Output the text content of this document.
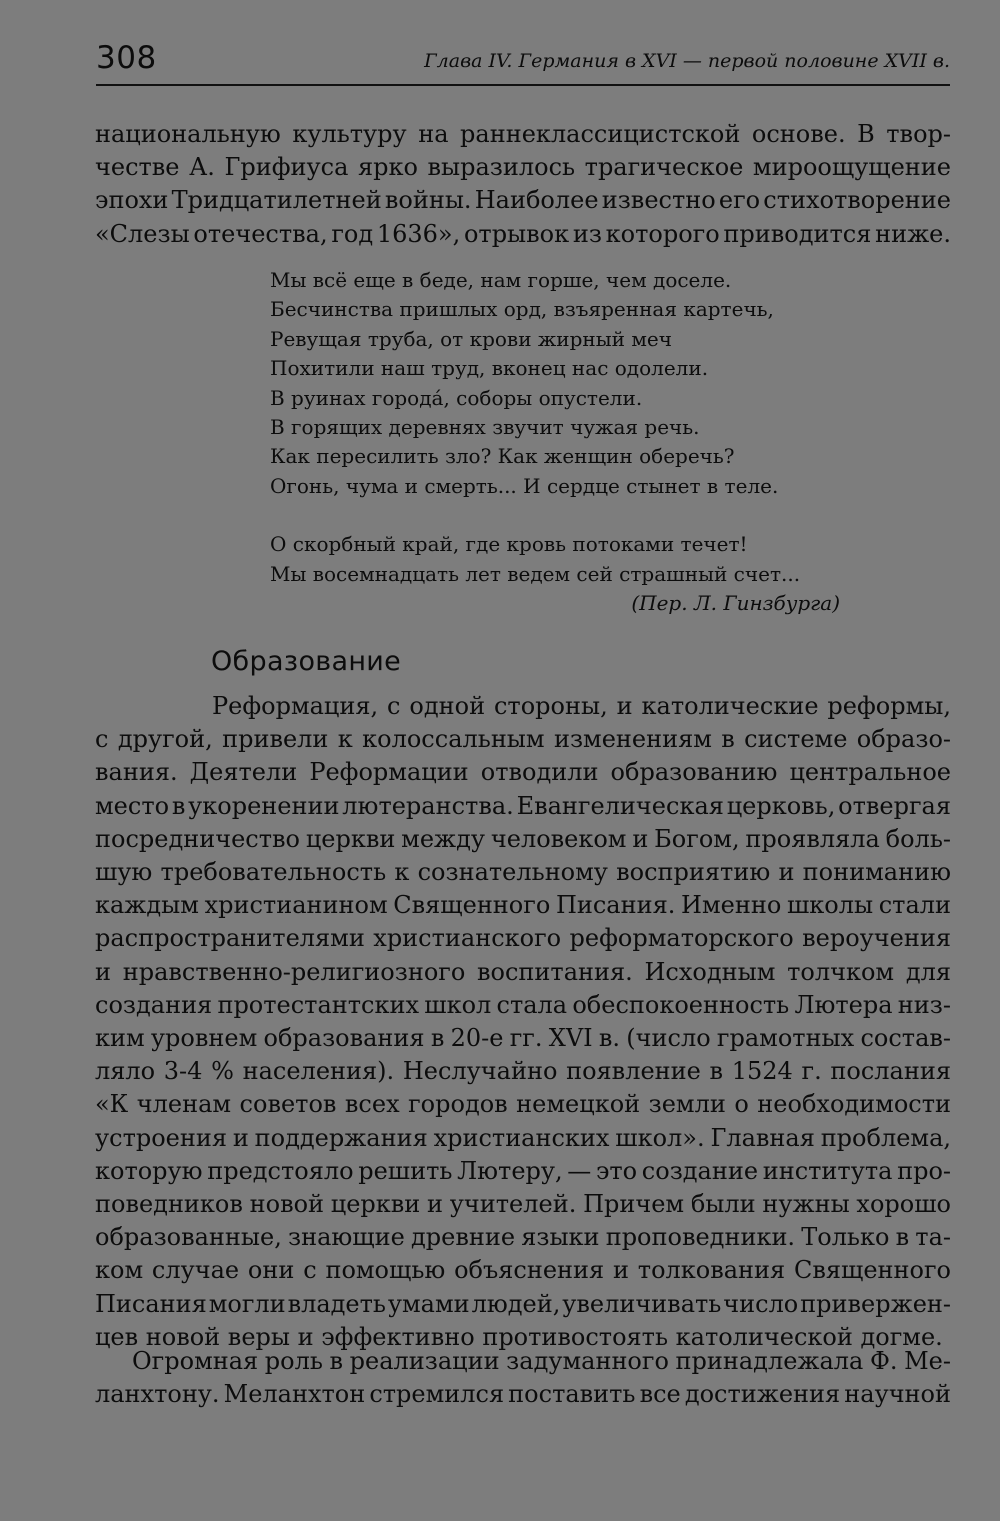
308	Глава IV. Германия в XVI — первой половине XVII в.
национальную культуру на раннеклассицистской основе. В твор-
честве А. Грифиуса ярко выразилось трагическое мироощущение
эпохи Тридцатилетней войны. Наиболее известно его стихотворение
«Слезы отечества, год 1636», отрывок из которого приводится ниже.
Мы всё еще в беде, нам горше, чем доселе.
Бесчинства пришлых орд, взъяренная картечь,
Ревущая труба, от крови жирный меч
Похитили наш труд, вконец нас одолели.
В руинах города́, соборы опустели.
В горящих деревнях звучит чужая речь.
Как пересилить зло? Как женщин обеpечь?
Огонь, чума и смерть... И сердце стынет в теле.
О скорбный край, где кровь потоками течет!
Мы восемнадцать лет ведем сей страшный счет...
(Пер. Л. Гинзбурга)
Образование
Реформация, с одной стороны, и католические реформы,
с другой, привели к колоссальным изменениям в системе образо-
вания. Деятели Реформации отводили образованию центральное
место в укоренении лютеранства. Евангелическая церковь, отвергая
посредничество церкви между человеком и Богом, проявляла боль-
шую требовательность к сознательному восприятию и пониманию
каждым христианином Священного Писания. Именно школы стали
распространителями христианского реформаторского вероучения
и нравственно-религиозного воспитания. Исходным толчком для
создания протестантских школ стала обеспокоенность Лютера низ-
ким уровнем образования в 20-е гг. XVI в. (число грамотных состав-
ляло 3-4 % населения). Неслучайно появление в 1524 г. послания
«К членам советов всех городов немецкой земли о необходимости
устроения и поддержания христианских школ». Главная проблема,
которую предстояло решить Лютеру, — это создание института про-
поведников новой церкви и учителей. Причем были нужны хорошо
образованные, знающие древние языки проповедники. Только в та-
ком случае они с помощью объяснения и толкования Священного
Писания могли владеть умами людей, увеличивать число привержен-
цев новой веры и эффективно противостоять католической догме.
Огромная роль в реализации задуманного принадлежала Ф. Ме-
ланхтону. Меланхтон стремился поставить все достижения научной
